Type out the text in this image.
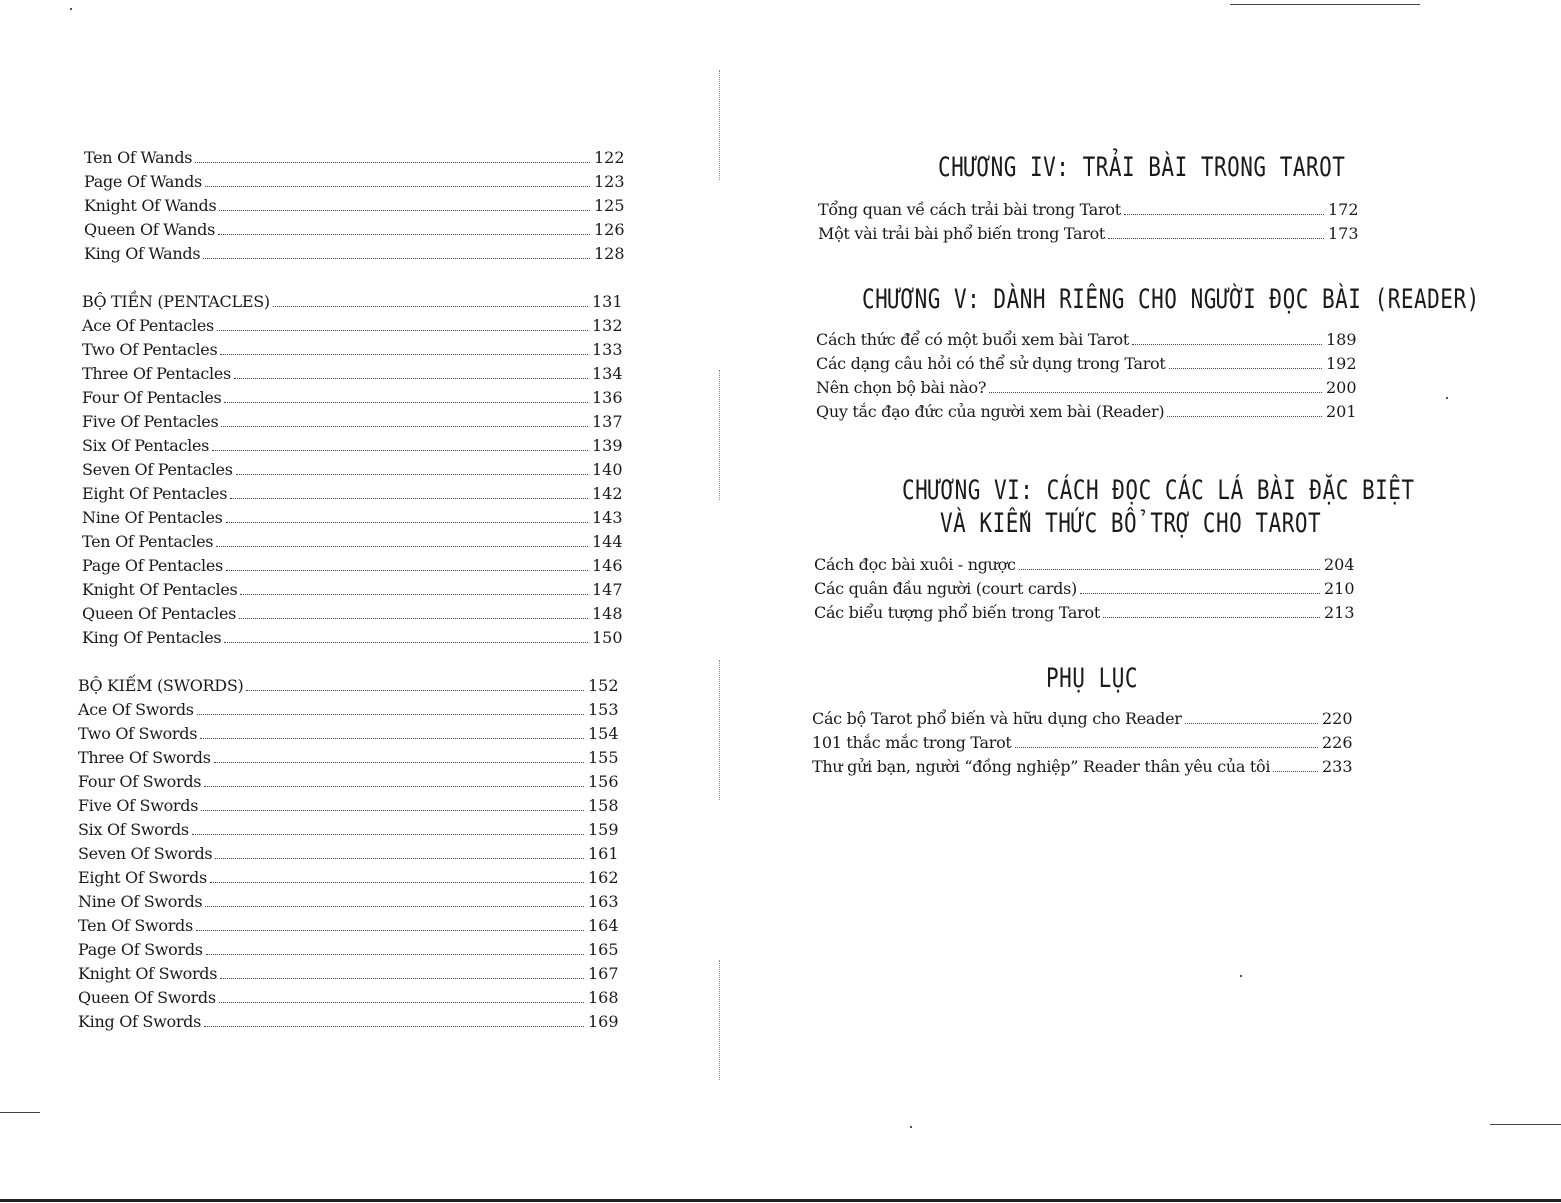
Ten Of Wands	122
Page Of Wands	123
Knight Of Wands	125
Queen Of Wands	126
King Of Wands	128
BỘ TIỀN (PENTACLES)	131
Ace Of Pentacles	132
Two Of Pentacles	133
Three Of Pentacles	134
Four Of Pentacles	136
Five Of Pentacles	137
Six Of Pentacles	139
Seven Of Pentacles	140
Eight Of Pentacles	142
Nine Of Pentacles	143
Ten Of Pentacles	144
Page Of Pentacles	146
Knight Of Pentacles	147
Queen Of Pentacles	148
King Of Pentacles	150
BỘ KIẾM (SWORDS)	152
Ace Of Swords	153
Two Of Swords	154
Three Of Swords	155
Four Of Swords	156
Five Of Swords	158
Six Of Swords	159
Seven Of Swords	161
Eight Of Swords	162
Nine Of Swords	163
Ten Of Swords	164
Page Of Swords	165
Knight Of Swords	167
Queen Of Swords	168
King Of Swords	169
CHƯƠNG IV: TRẢI BÀI TRONG TAROT
Tổng quan về cách trải bài trong Tarot	172
Một vài trải bài phổ biến trong Tarot	173
CHƯƠNG V: DÀNH RIÊNG CHO NGƯỜI ĐỌC BÀI (READER)
Cách thức để có một buổi xem bài Tarot	189
Các dạng câu hỏi có thể sử dụng trong Tarot	192
Nên chọn bộ bài nào?	200
Quy tắc đạo đức của người xem bài (Reader)	201
CHƯƠNG VI: CÁCH ĐỌC CÁC LÁ BÀI ĐẶC BIỆT
VÀ KIẾN THỨC BỔ TRỢ CHO TAROT
Cách đọc bài xuôi - ngược	204
Các quân đầu người (court cards)	210
Các biểu tượng phổ biến trong Tarot	213
PHỤ LỤC
Các bộ Tarot phổ biến và hữu dụng cho Reader	220
101 thắc mắc trong Tarot	226
Thư gửi bạn, người “đồng nghiệp” Reader thân yêu của tôi	233
